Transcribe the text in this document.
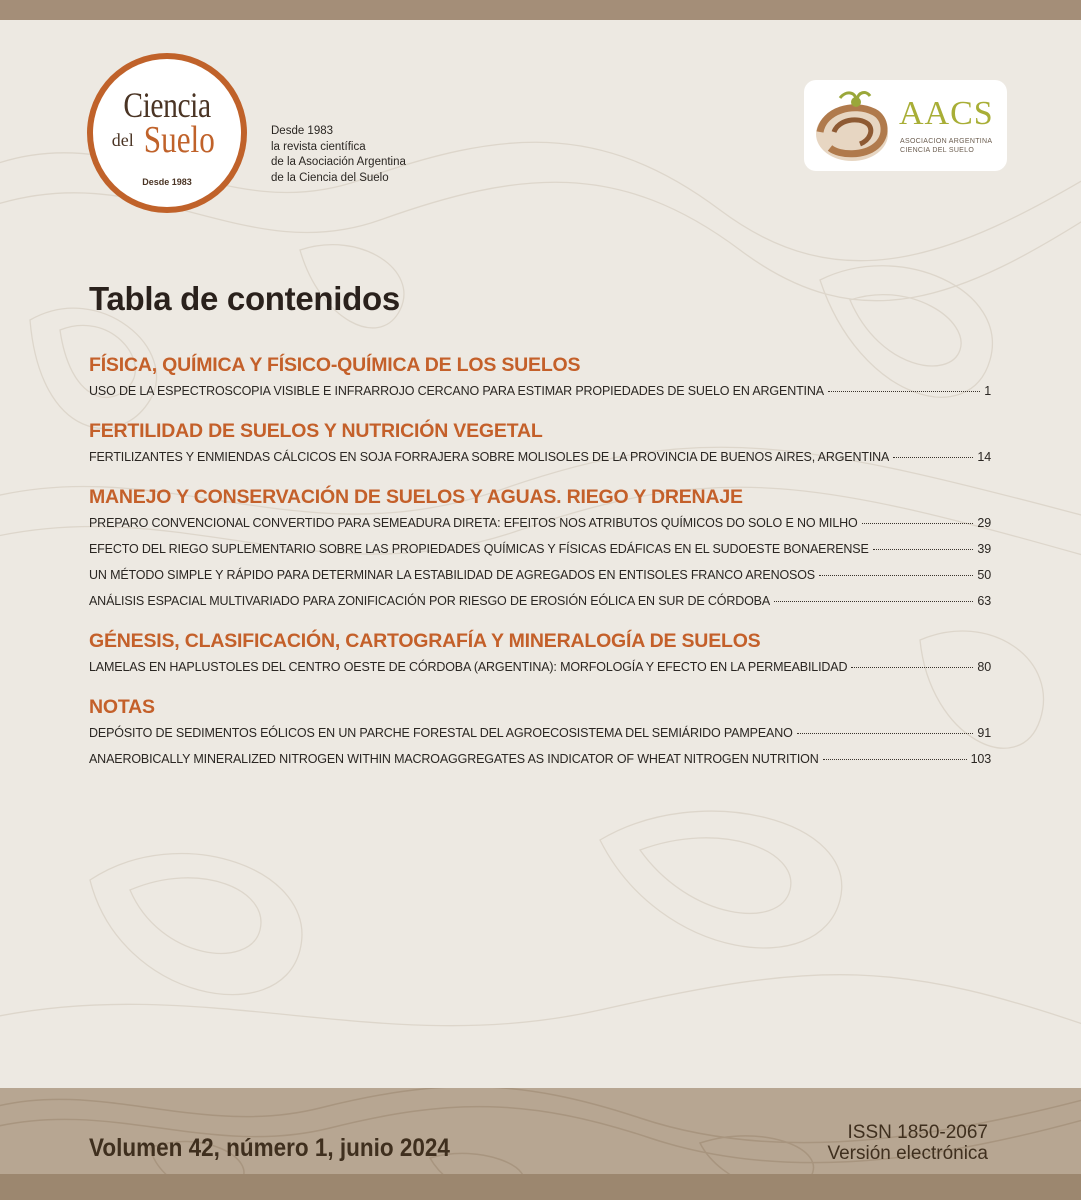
Ciencia
del Suelo
Desde 1983
Desde 1983
la revista científica
de la Asociación Argentina
de la Ciencia del Suelo
AACS
ASOCIACION ARGENTINA
CIENCIA DEL SUELO
Tabla de contenidos
FÍSICA, QUÍMICA Y FÍSICO-QUÍMICA DE LOS SUELOS
USO DE LA ESPECTROSCOPIA VISIBLE E INFRARROJO CERCANO PARA ESTIMAR PROPIEDADES DE SUELO EN ARGENTINA	1
FERTILIDAD DE SUELOS Y NUTRICIÓN VEGETAL
FERTILIZANTES Y ENMIENDAS CÁLCICOS EN SOJA FORRAJERA SOBRE MOLISOLES DE LA PROVINCIA DE BUENOS AIRES, ARGENTINA	14
MANEJO Y CONSERVACIÓN DE SUELOS Y AGUAS. RIEGO Y DRENAJE
PREPARO CONVENCIONAL CONVERTIDO PARA SEMEADURA DIRETA: EFEITOS NOS ATRIBUTOS QUÍMICOS DO SOLO E NO MILHO	29
EFECTO DEL RIEGO SUPLEMENTARIO SOBRE LAS PROPIEDADES QUÍMICAS Y FÍSICAS EDÁFICAS EN EL SUDOESTE BONAERENSE	39
UN MÉTODO SIMPLE Y RÁPIDO PARA DETERMINAR LA ESTABILIDAD DE AGREGADOS EN ENTISOLES FRANCO ARENOSOS	50
ANÁLISIS ESPACIAL MULTIVARIADO PARA ZONIFICACIÓN POR RIESGO DE EROSIÓN EÓLICA EN SUR DE CÓRDOBA	63
GÉNESIS, CLASIFICACIÓN, CARTOGRAFÍA Y MINERALOGÍA DE SUELOS
LAMELAS EN HAPLUSTOLES DEL CENTRO OESTE DE CÓRDOBA (ARGENTINA): MORFOLOGÍA Y EFECTO EN LA PERMEABILIDAD	80
NOTAS
DEPÓSITO DE SEDIMENTOS EÓLICOS EN UN PARCHE FORESTAL DEL AGROECOSISTEMA DEL SEMIÁRIDO PAMPEANO	91
ANAEROBICALLY MINERALIZED NITROGEN WITHIN MACROAGGREGATES AS INDICATOR OF WHEAT NITROGEN NUTRITION	103
Volumen 42, número 1, junio 2024
ISSN 1850-2067
Versión electrónica
